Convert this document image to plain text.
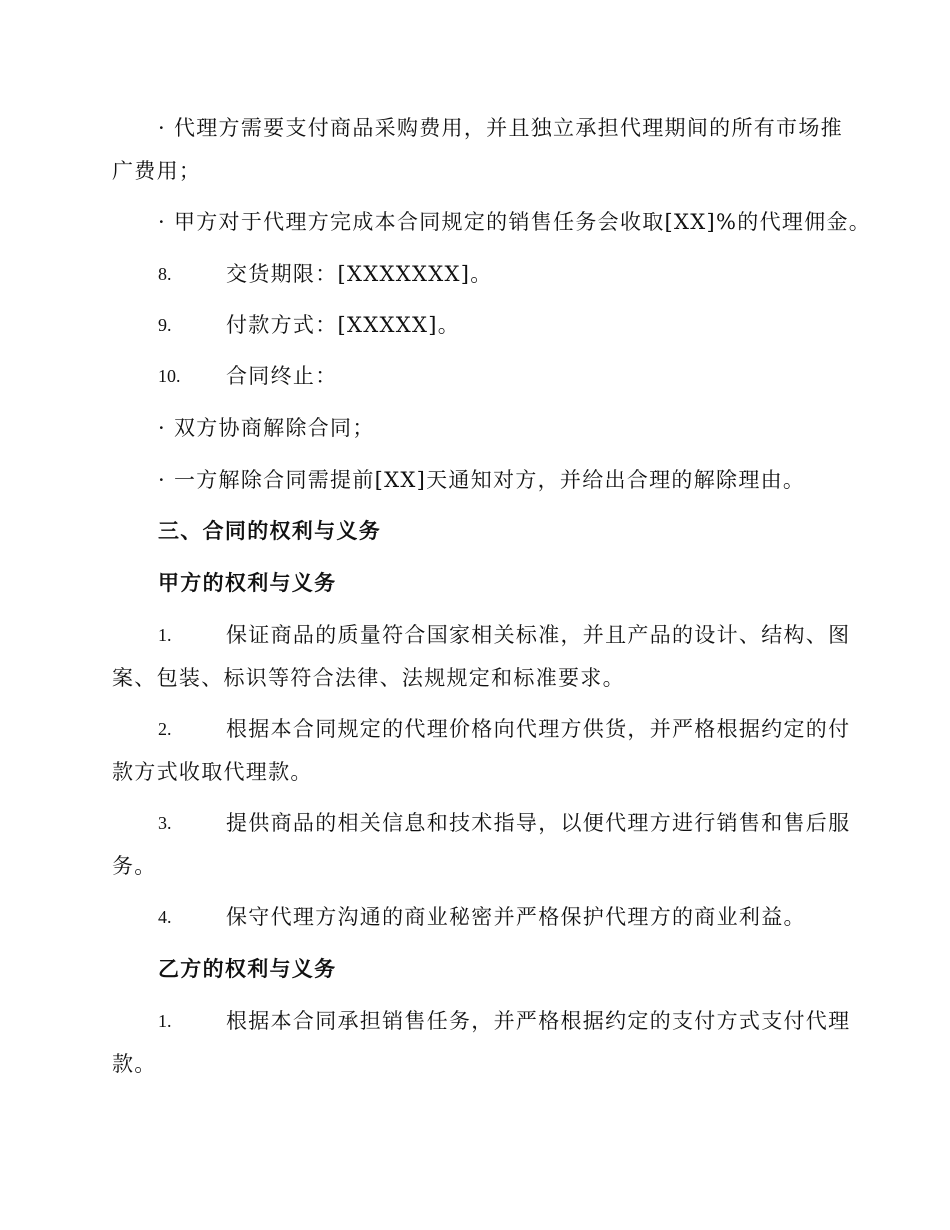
· 代理方需要支付商品采购费用，并且独立承担代理期间的所有市场推
广费用；
· 甲方对于代理方完成本合同规定的销售任务会收取[XX]%的代理佣金。
8.	交货期限：[XXXXXXX]。
9.	付款方式：[XXXXX]。
10. 合同终止：
· 双方协商解除合同；
· 一方解除合同需提前[XX]天通知对方，并给出合理的解除理由。
三、合同的权利与义务
甲方的权利与义务
1.	保证商品的质量符合国家相关标准，并且产品的设计、结构、图
案、包装、标识等符合法律、法规规定和标准要求。
2.	根据本合同规定的代理价格向代理方供货，并严格根据约定的付
款方式收取代理款。
3.	提供商品的相关信息和技术指导，以便代理方进行销售和售后服
务。
4.	保守代理方沟通的商业秘密并严格保护代理方的商业利益。
乙方的权利与义务
1.	根据本合同承担销售任务，并严格根据约定的支付方式支付代理
款。
